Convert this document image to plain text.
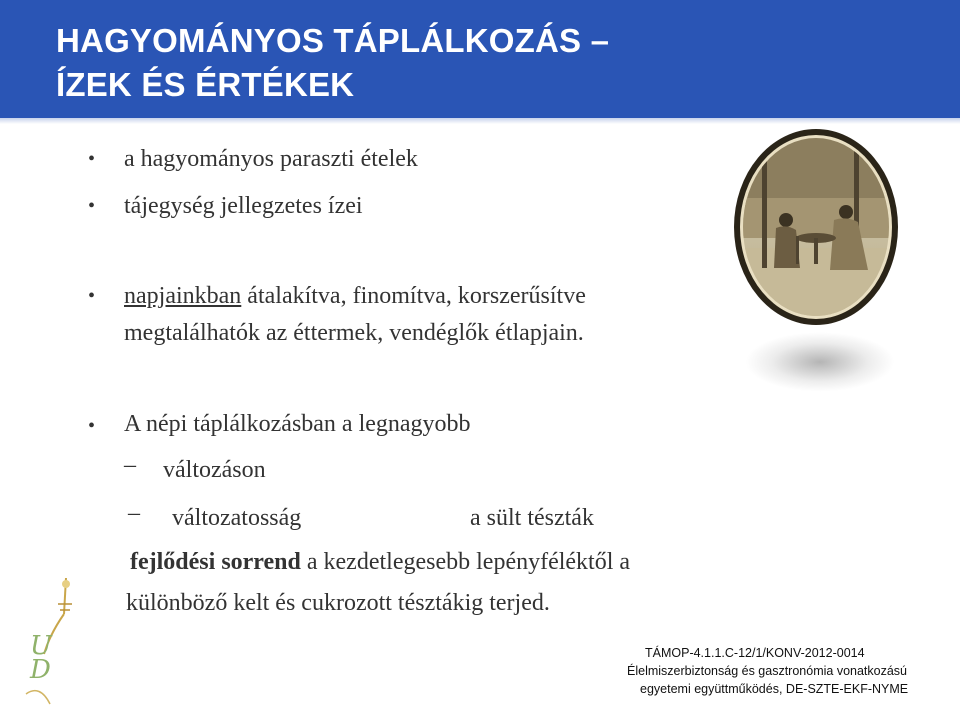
HAGYOMÁNYOS TÁPLÁLKOZÁS –
ÍZEK ÉS ÉRTÉKEK
• a hagyományos paraszti ételek
• tájegység jellegzetes ízei
• napjainkban átalakítva, finomítva, korszerűsítve
megtalálhatók az éttermek, vendéglők étlapjain.
• A népi táplálkozásban a legnagyobb
– változáson
– változatosság	a sült tészták
fejlődési sorrend a kezdetlegesebb lepényféléktől a
különböző kelt és cukrozott tésztákig terjed.
U
D
TÁMOP-4.1.1.C-12/1/KONV-2012-0014
Élelmiszerbiztonság és gasztronómia vonatkozású
egyetemi együttműködés, DE-SZTE-EKF-NYME
